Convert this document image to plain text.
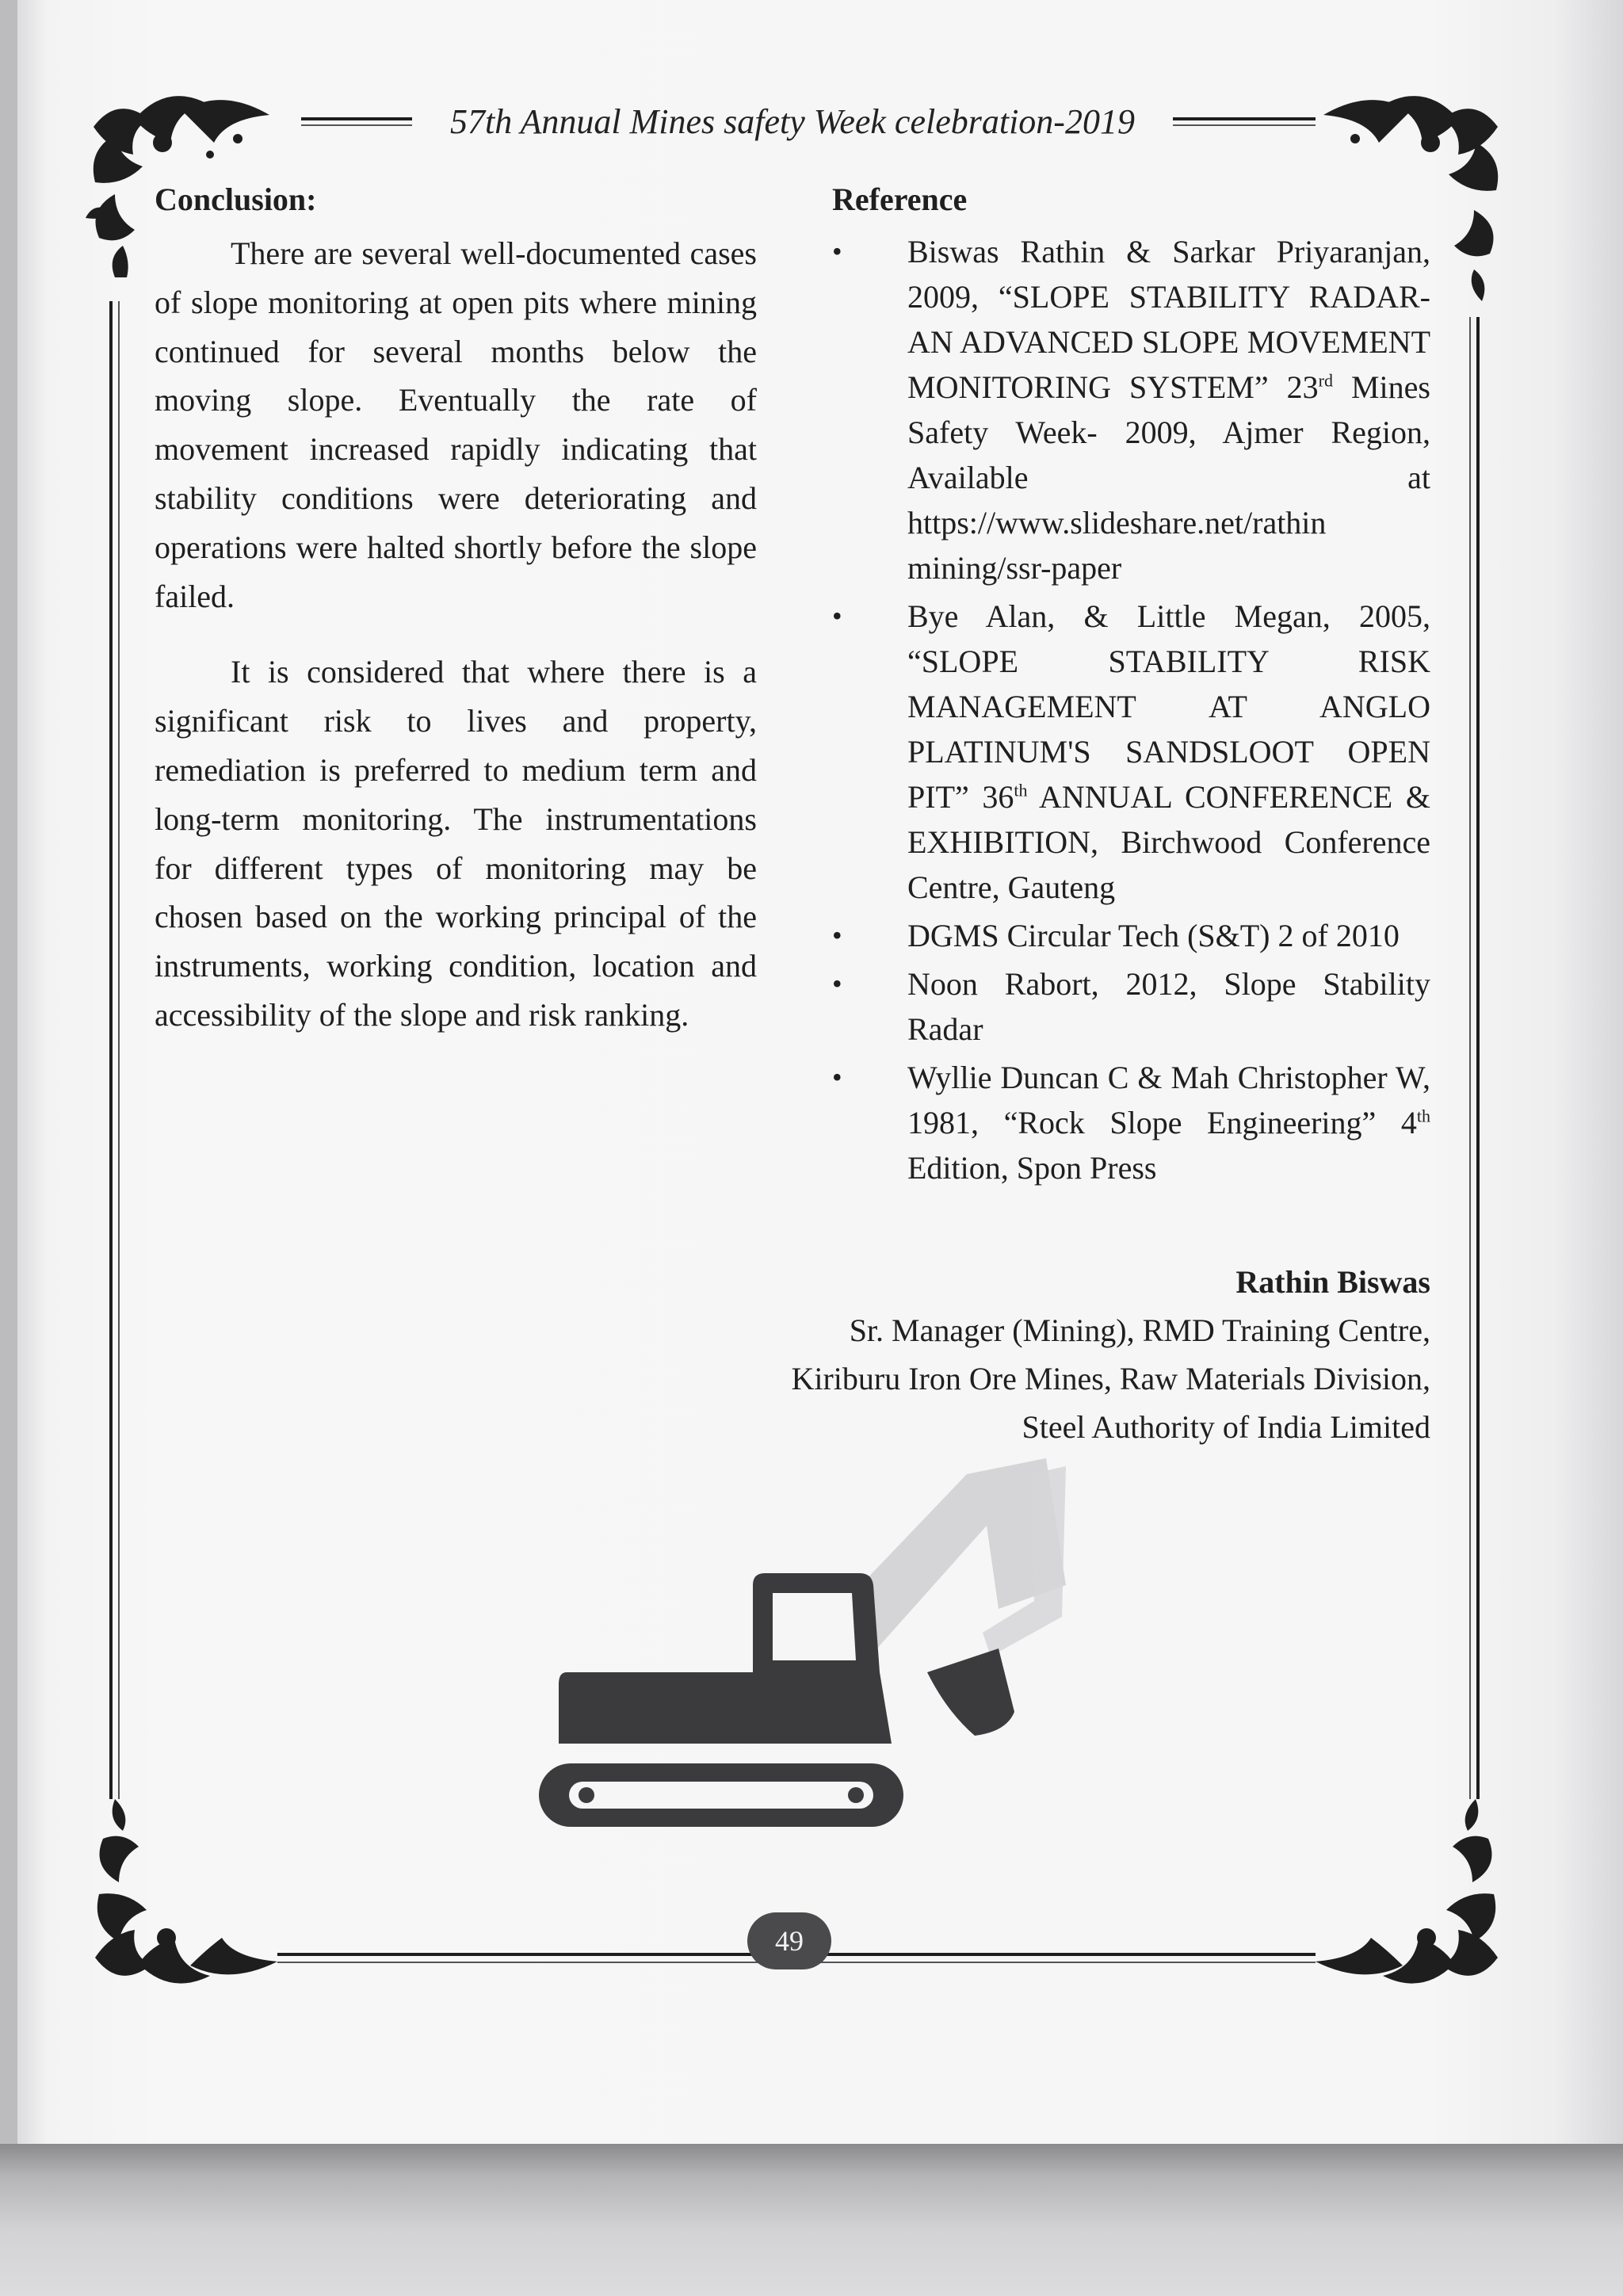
57th Annual Mines safety Week celebration-2019
Conclusion:

There are several well-documented cases of slope monitoring at open pits where mining continued for several months below the moving slope. Eventually the rate of movement increased rapidly indicating that stability conditions were deteriorating and operations were halted shortly before the slope failed.

It is considered that where there is a significant risk to lives and property, remediation is preferred to medium term and long-term monitoring. The instrumentations for different types of monitoring may be chosen based on the working principal of the instruments, working condition, location and accessibility of the slope and risk ranking.

Reference
• Biswas Rathin & Sarkar Priyaranjan, 2009, “SLOPE STABILITY RADAR- AN ADVANCED SLOPE MOVEMENT MONITORING SYSTEM” 23rd Mines Safety Week- 2009, Ajmer Region, Available at https://www.slideshare.net/rathin mining/ssr-paper
• Bye Alan, & Little Megan, 2005, “SLOPE STABILITY RISK MANAGEMENT AT ANGLO PLATINUM'S SANDSLOOT OPEN PIT” 36th ANNUAL CONFERENCE & EXHIBITION, Birchwood Conference Centre, Gauteng
• DGMS Circular Tech (S&T) 2 of 2010
• Noon Rabort, 2012, Slope Stability Radar
• Wyllie Duncan C & Mah Christopher W, 1981, “Rock Slope Engineering” 4th Edition, Spon Press
Rathin Biswas
Sr. Manager (Mining), RMD Training Centre,
Kiriburu Iron Ore Mines, Raw Materials Division,
Steel Authority of India Limited
49
